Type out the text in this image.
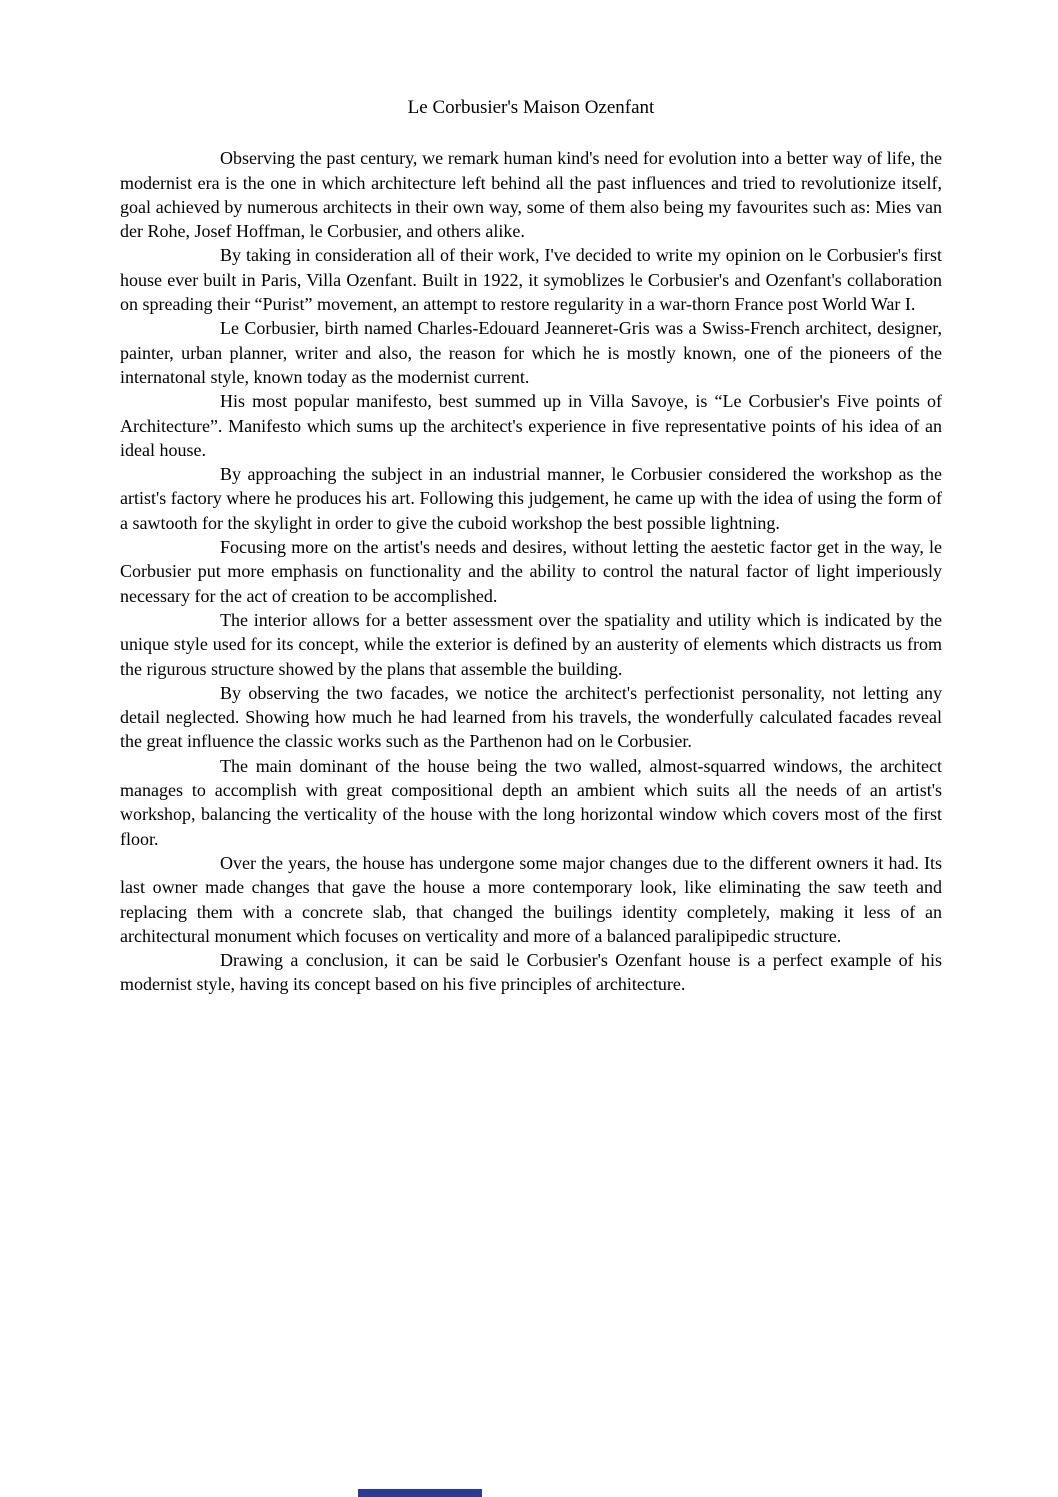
Le Corbusier's Maison Ozenfant

Observing the past century, we remark human kind's need for evolution into a better way of life, the modernist era is the one in which architecture left behind all the past influences and tried to revolutionize itself, goal achieved by numerous architects in their own way, some of them also being my favourites such as: Mies van der Rohe, Josef Hoffman, le Corbusier, and others alike.

By taking in consideration all of their work, I've decided to write my opinion on le Corbusier's first house ever built in Paris, Villa Ozenfant. Built in 1922, it symoblizes le Corbusier's and Ozenfant's collaboration on spreading their “Purist” movement, an attempt to restore regularity in a war-thorn France post World War I.

Le Corbusier, birth named Charles-Edouard Jeanneret-Gris was a Swiss-French architect, designer, painter, urban planner, writer and also, the reason for which he is mostly known, one of the pioneers of the internatonal style, known today as the modernist current.

His most popular manifesto, best summed up in Villa Savoye, is “Le Corbusier's Five points of Architecture”. Manifesto which sums up the architect's experience in five representative points of his idea of an ideal house.

By approaching the subject in an industrial manner, le Corbusier considered the workshop as the artist's factory where he produces his art. Following this judgement, he came up with the idea of using the form of a sawtooth for the skylight in order to give the cuboid workshop the best possible lightning.

Focusing more on the artist's needs and desires, without letting the aestetic factor get in the way, le Corbusier put more emphasis on functionality and the ability to control the natural factor of light imperiously necessary for the act of creation to be accomplished.

The interior allows for a better assessment over the spatiality and utility which is indicated by the unique style used for its concept, while the exterior is defined by an austerity of elements which distracts us from the rigurous structure showed by the plans that assemble the building.

By observing the two facades, we notice the architect's perfectionist personality, not letting any detail neglected. Showing how much he had learned from his travels, the wonderfully calculated facades reveal the great influence the classic works such as the Parthenon had on le Corbusier.

The main dominant of the house being the two walled, almost-squarred windows, the architect manages to accomplish with great compositional depth an ambient which suits all the needs of an artist's workshop, balancing the verticality of the house with the long horizontal window which covers most of the first floor.

Over the years, the house has undergone some major changes due to the different owners it had. Its last owner made changes that gave the house a more contemporary look, like eliminating the saw teeth and replacing them with a concrete slab, that changed the builings identity completely, making it less of an architectural monument which focuses on verticality and more of a balanced paralipipedic structure.

Drawing a conclusion, it can be said le Corbusier's Ozenfant house is a perfect example of his modernist style, having its concept based on his five principles of architecture.
